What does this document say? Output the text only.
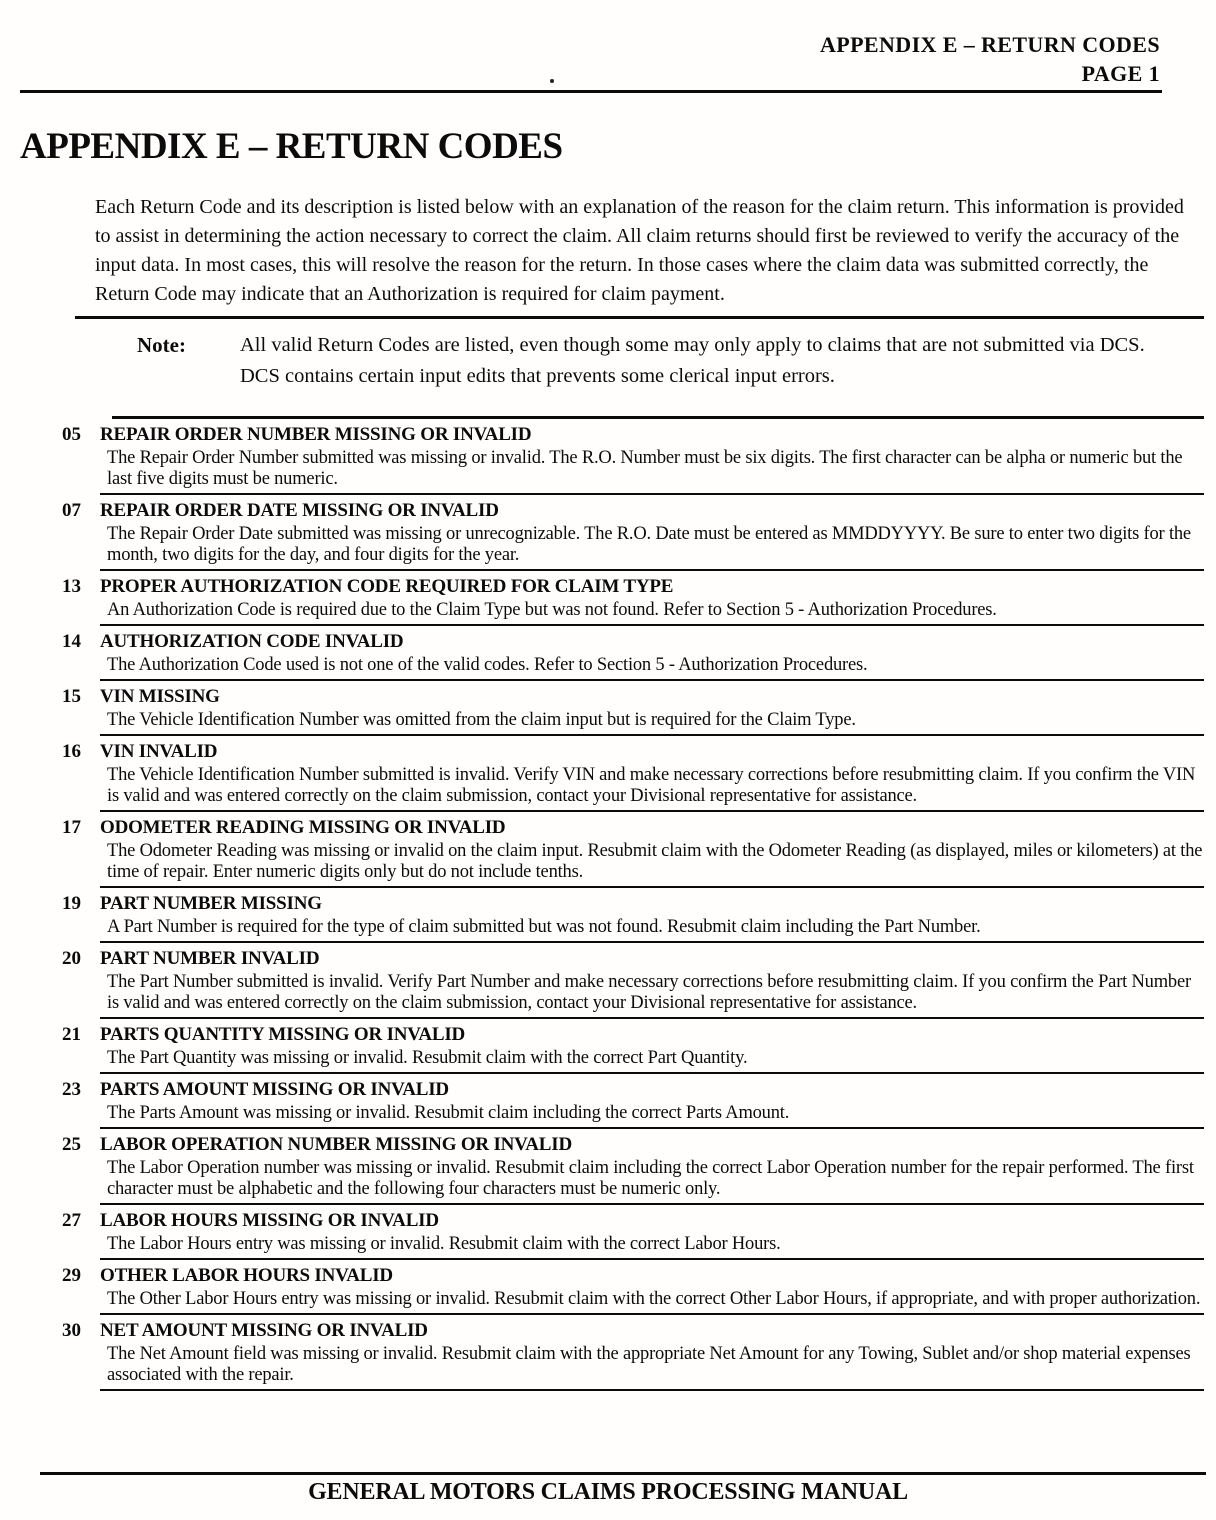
APPENDIX E – RETURN CODES
PAGE 1
APPENDIX E – RETURN CODES

Each Return Code and its description is listed below with an explanation of the reason for the claim return. This information is provided to assist in determining the action necessary to correct the claim. All claim returns should first be reviewed to verify the accuracy of the input data. In most cases, this will resolve the reason for the return. In those cases where the claim data was submitted correctly, the Return Code may indicate that an Authorization is required for claim payment.

Note:	All valid Return Codes are listed, even though some may only apply to claims that are not submitted via DCS. DCS contains certain input edits that prevents some clerical input errors.
05	REPAIR ORDER NUMBER MISSING OR INVALID
The Repair Order Number submitted was missing or invalid. The R.O. Number must be six digits. The first character can be alpha or numeric but the last five digits must be numeric.
07	REPAIR ORDER DATE MISSING OR INVALID
The Repair Order Date submitted was missing or unrecognizable. The R.O. Date must be entered as MMDDYYYY. Be sure to enter two digits for the month, two digits for the day, and four digits for the year.
13	PROPER AUTHORIZATION CODE REQUIRED FOR CLAIM TYPE
An Authorization Code is required due to the Claim Type but was not found. Refer to Section 5 - Authorization Procedures.
14	AUTHORIZATION CODE INVALID
The Authorization Code used is not one of the valid codes. Refer to Section 5 - Authorization Procedures.
15	VIN MISSING
The Vehicle Identification Number was omitted from the claim input but is required for the Claim Type.
16	VIN INVALID
The Vehicle Identification Number submitted is invalid. Verify VIN and make necessary corrections before resubmitting claim. If you confirm the VIN is valid and was entered correctly on the claim submission, contact your Divisional representative for assistance.
17	ODOMETER READING MISSING OR INVALID
The Odometer Reading was missing or invalid on the claim input. Resubmit claim with the Odometer Reading (as displayed, miles or kilometers) at the time of repair. Enter numeric digits only but do not include tenths.
19	PART NUMBER MISSING
A Part Number is required for the type of claim submitted but was not found. Resubmit claim including the Part Number.
20	PART NUMBER INVALID
The Part Number submitted is invalid. Verify Part Number and make necessary corrections before resubmitting claim. If you confirm the Part Number is valid and was entered correctly on the claim submission, contact your Divisional representative for assistance.
21	PARTS QUANTITY MISSING OR INVALID
The Part Quantity was missing or invalid. Resubmit claim with the correct Part Quantity.
23	PARTS AMOUNT MISSING OR INVALID
The Parts Amount was missing or invalid. Resubmit claim including the correct Parts Amount.
25	LABOR OPERATION NUMBER MISSING OR INVALID
The Labor Operation number was missing or invalid. Resubmit claim including the correct Labor Operation number for the repair performed. The first character must be alphabetic and the following four characters must be numeric only.
27	LABOR HOURS MISSING OR INVALID
The Labor Hours entry was missing or invalid. Resubmit claim with the correct Labor Hours.
29	OTHER LABOR HOURS INVALID
The Other Labor Hours entry was missing or invalid. Resubmit claim with the correct Other Labor Hours, if appropriate, and with proper authorization.
30	NET AMOUNT MISSING OR INVALID
The Net Amount field was missing or invalid. Resubmit claim with the appropriate Net Amount for any Towing, Sublet and/or shop material expenses associated with the repair.
GENERAL MOTORS CLAIMS PROCESSING MANUAL
